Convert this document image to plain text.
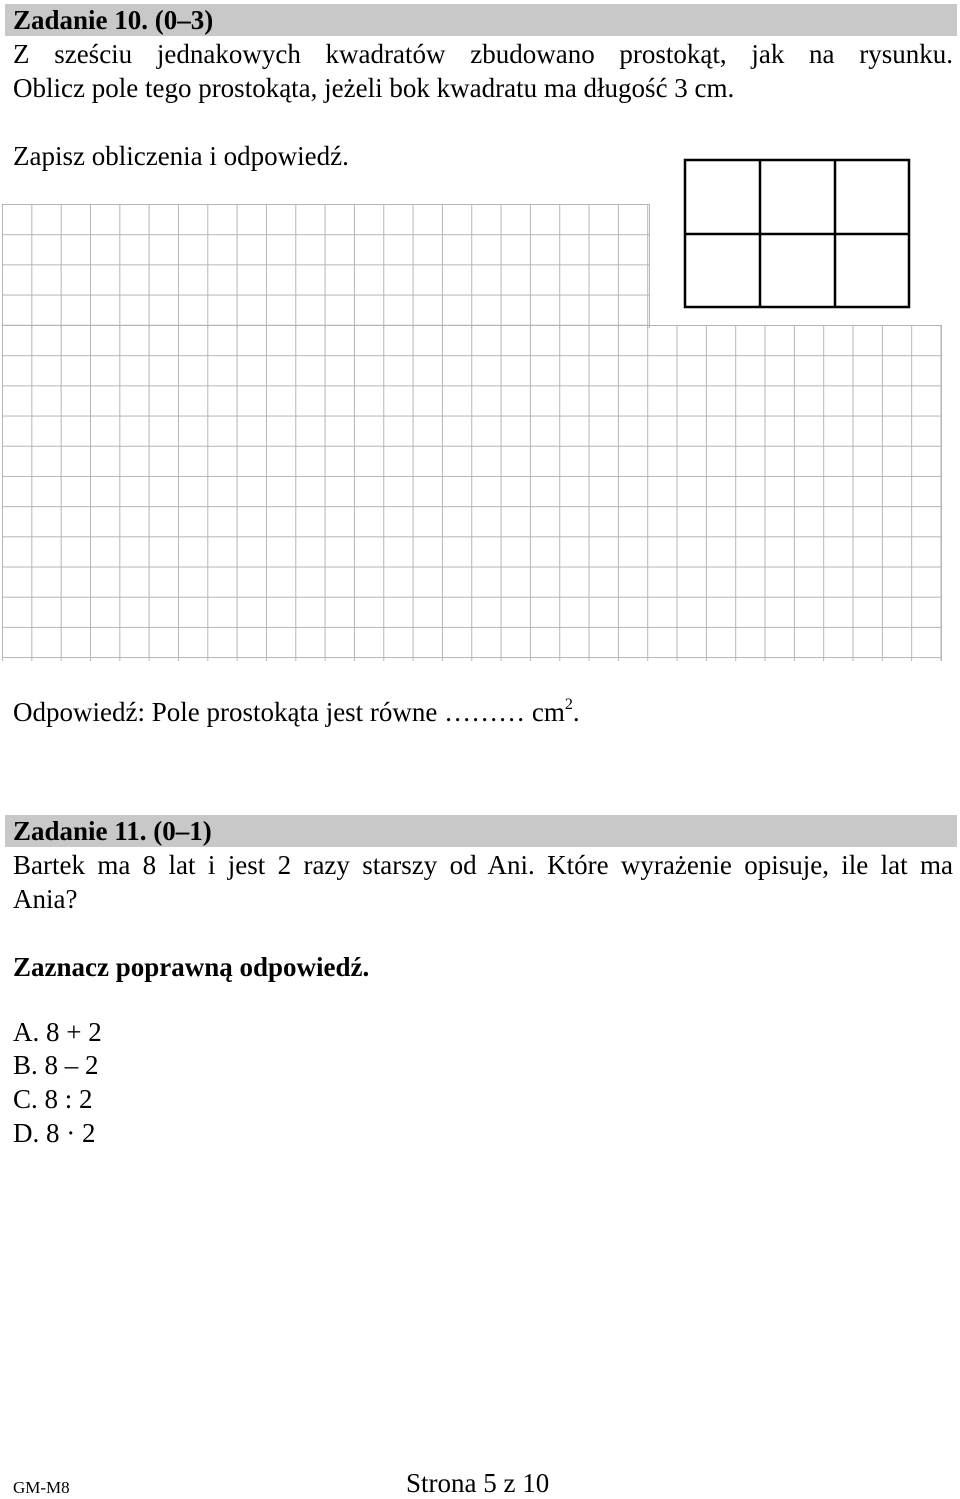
Zadanie 10. (0–3)
Z sześciu jednakowych kwadratów zbudowano prostokąt, jak na rysunku.
Oblicz pole tego prostokąta, jeżeli bok kwadratu ma długość 3 cm.
Zapisz obliczenia i odpowiedź.
Odpowiedź: Pole prostokąta jest równe ……… $cm^2$.
Zadanie 11. (0–1)
Bartek ma 8 lat i jest 2 razy starszy od Ani. Które wyrażenie opisuje, ile lat ma
Ania?
Zaznacz poprawną odpowiedź.
A. 8 + 2
B. 8 – 2
C. 8 : 2
D. 8 · 2
GM-M8	Strona 5 z 10
